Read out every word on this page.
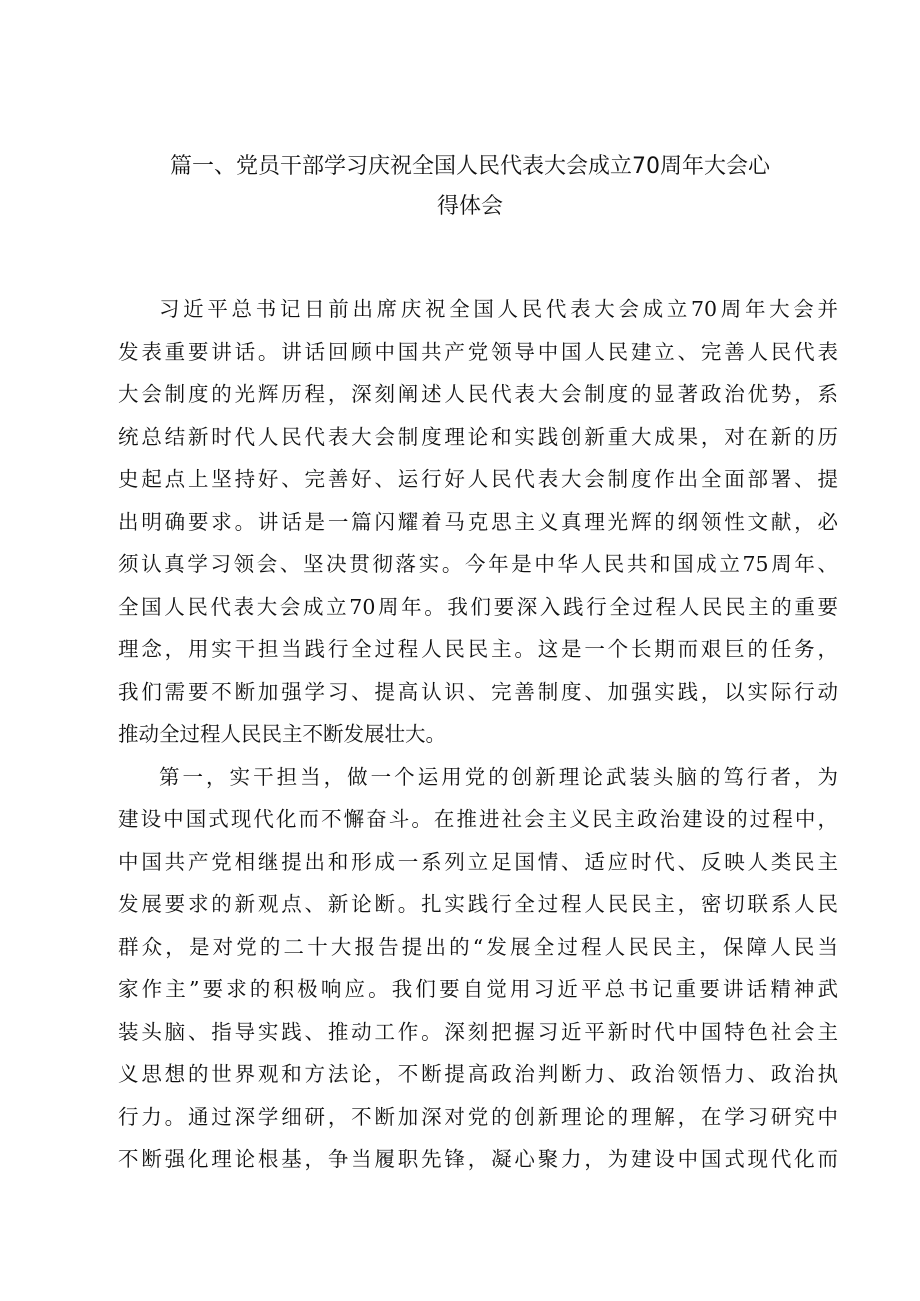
篇一、党员干部学习庆祝全国人民代表大会成立70周年大会心
得体会
习近平总书记日前出席庆祝全国人民代表大会成立70周年大会并
发表重要讲话。讲话回顾中国共产党领导中国人民建立、完善人民代表
大会制度的光辉历程，深刻阐述人民代表大会制度的显著政治优势，系
统总结新时代人民代表大会制度理论和实践创新重大成果，对在新的历
史起点上坚持好、完善好、运行好人民代表大会制度作出全面部署、提
出明确要求。讲话是一篇闪耀着马克思主义真理光辉的纲领性文献，必
须认真学习领会、坚决贯彻落实。今年是中华人民共和国成立75周年、
全国人民代表大会成立70周年。我们要深入践行全过程人民民主的重要
理念，用实干担当践行全过程人民民主。这是一个长期而艰巨的任务，
我们需要不断加强学习、提高认识、完善制度、加强实践，以实际行动
推动全过程人民民主不断发展壮大。
第一，实干担当，做一个运用党的创新理论武装头脑的笃行者，为
建设中国式现代化而不懈奋斗。在推进社会主义民主政治建设的过程中，
中国共产党相继提出和形成一系列立足国情、适应时代、反映人类民主
发展要求的新观点、新论断。扎实践行全过程人民民主，密切联系人民
群众，是对党的二十大报告提出的“发展全过程人民民主，保障人民当
家作主”要求的积极响应。我们要自觉用习近平总书记重要讲话精神武
装头脑、指导实践、推动工作。深刻把握习近平新时代中国特色社会主
义思想的世界观和方法论，不断提高政治判断力、政治领悟力、政治执
行力。通过深学细研，不断加深对党的创新理论的理解，在学习研究中
不断强化理论根基，争当履职先锋，凝心聚力，为建设中国式现代化而
